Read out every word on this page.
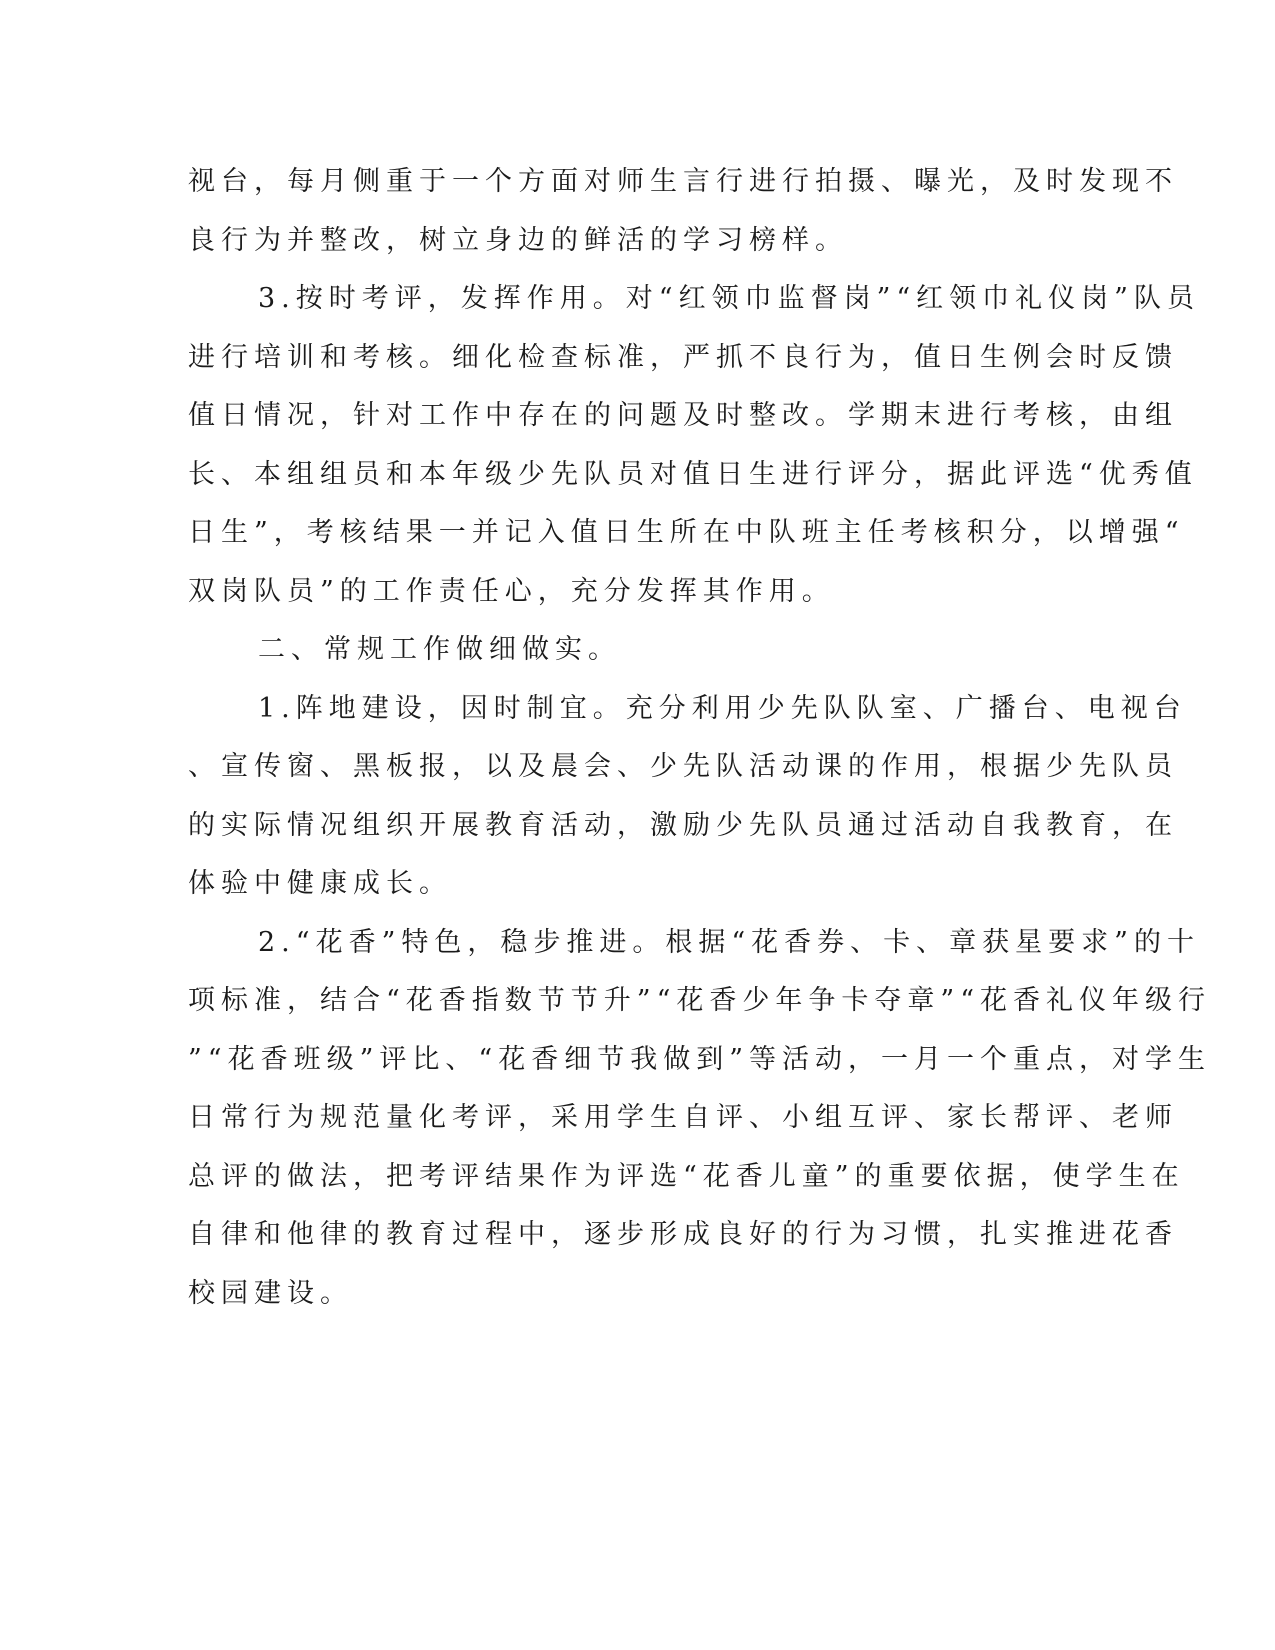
视台，每月侧重于一个方面对师生言行进行拍摄、曝光，及时发现不
良行为并整改，树立身边的鲜活的学习榜样。
3.按时考评，发挥作用。对“红领巾监督岗”“红领巾礼仪岗”队员
进行培训和考核。细化检查标准，严抓不良行为，值日生例会时反馈
值日情况，针对工作中存在的问题及时整改。学期末进行考核，由组
长、本组组员和本年级少先队员对值日生进行评分，据此评选“优秀值
日生”，考核结果一并记入值日生所在中队班主任考核积分，以增强“
双岗队员”的工作责任心，充分发挥其作用。
二、常规工作做细做实。
1.阵地建设，因时制宜。充分利用少先队队室、广播台、电视台
、宣传窗、黑板报，以及晨会、少先队活动课的作用，根据少先队员
的实际情况组织开展教育活动，激励少先队员通过活动自我教育，在
体验中健康成长。
2.“花香”特色，稳步推进。根据“花香券、卡、章获星要求”的十
项标准，结合“花香指数节节升”“花香少年争卡夺章”“花香礼仪年级行
”“花香班级”评比、“花香细节我做到”等活动，一月一个重点，对学生
日常行为规范量化考评，采用学生自评、小组互评、家长帮评、老师
总评的做法，把考评结果作为评选“花香儿童”的重要依据，使学生在
自律和他律的教育过程中，逐步形成良好的行为习惯，扎实推进花香
校园建设。
